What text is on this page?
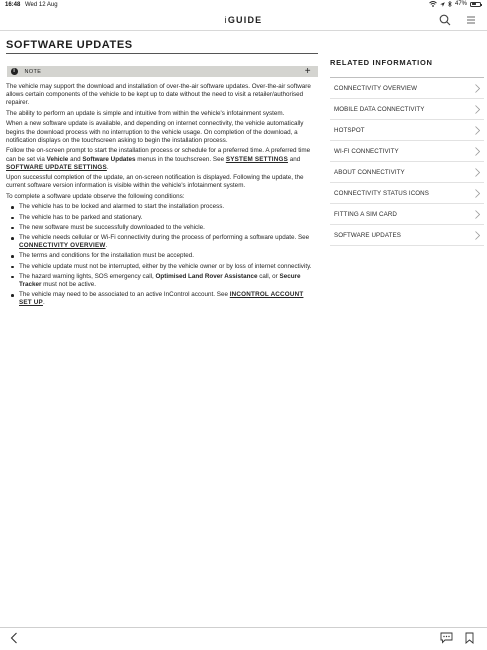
16:48 Wed 12 Aug	47%
iGUIDE
SOFTWARE UPDATES
i	NOTE	+

The vehicle may support the download and installation of over-the-air software updates. Over-the-air software allows certain components of the vehicle to be kept up to date without the need to visit a retailer/authorised repairer.

The ability to perform an update is simple and intuitive from within the vehicle's infotainment system.

When a new software update is available, and depending on internet connectivity, the vehicle automatically begins the download process with no interruption to the vehicle usage. On completion of the download, a notification displays on the touchscreen asking to begin the installation process.

Follow the on-screen prompt to start the installation process or schedule for a preferred time. A preferred time can be set via Vehicle and Software Updates menus in the touchscreen. See SYSTEM SETTINGS and SOFTWARE UPDATE SETTINGS.

Upon successful completion of the update, an on-screen notification is displayed. Following the update, the current software version information is visible within the vehicle's infotainment system.

To complete a software update observe the following conditions:

The vehicle has to be locked and alarmed to start the installation process.
The vehicle has to be parked and stationary.
The new software must be successfully downloaded to the vehicle.
The vehicle needs cellular or Wi-Fi connectivity during the process of performing a software update. See CONNECTIVITY OVERVIEW.
The terms and conditions for the installation must be accepted.
The vehicle update must not be interrupted, either by the vehicle owner or by loss of internet connectivity.
The hazard warning lights, SOS emergency call, Optimised Land Rover Assistance call, or Secure Tracker must not be active.
The vehicle may need to be associated to an active InControl account. See INCONTROL ACCOUNT SET UP.
RELATED INFORMATION
CONNECTIVITY OVERVIEW
MOBILE DATA CONNECTIVITY
HOTSPOT
WI-FI CONNECTIVITY
ABOUT CONNECTIVITY
CONNECTIVITY STATUS ICONS
FITTING A SIM CARD
SOFTWARE UPDATES
